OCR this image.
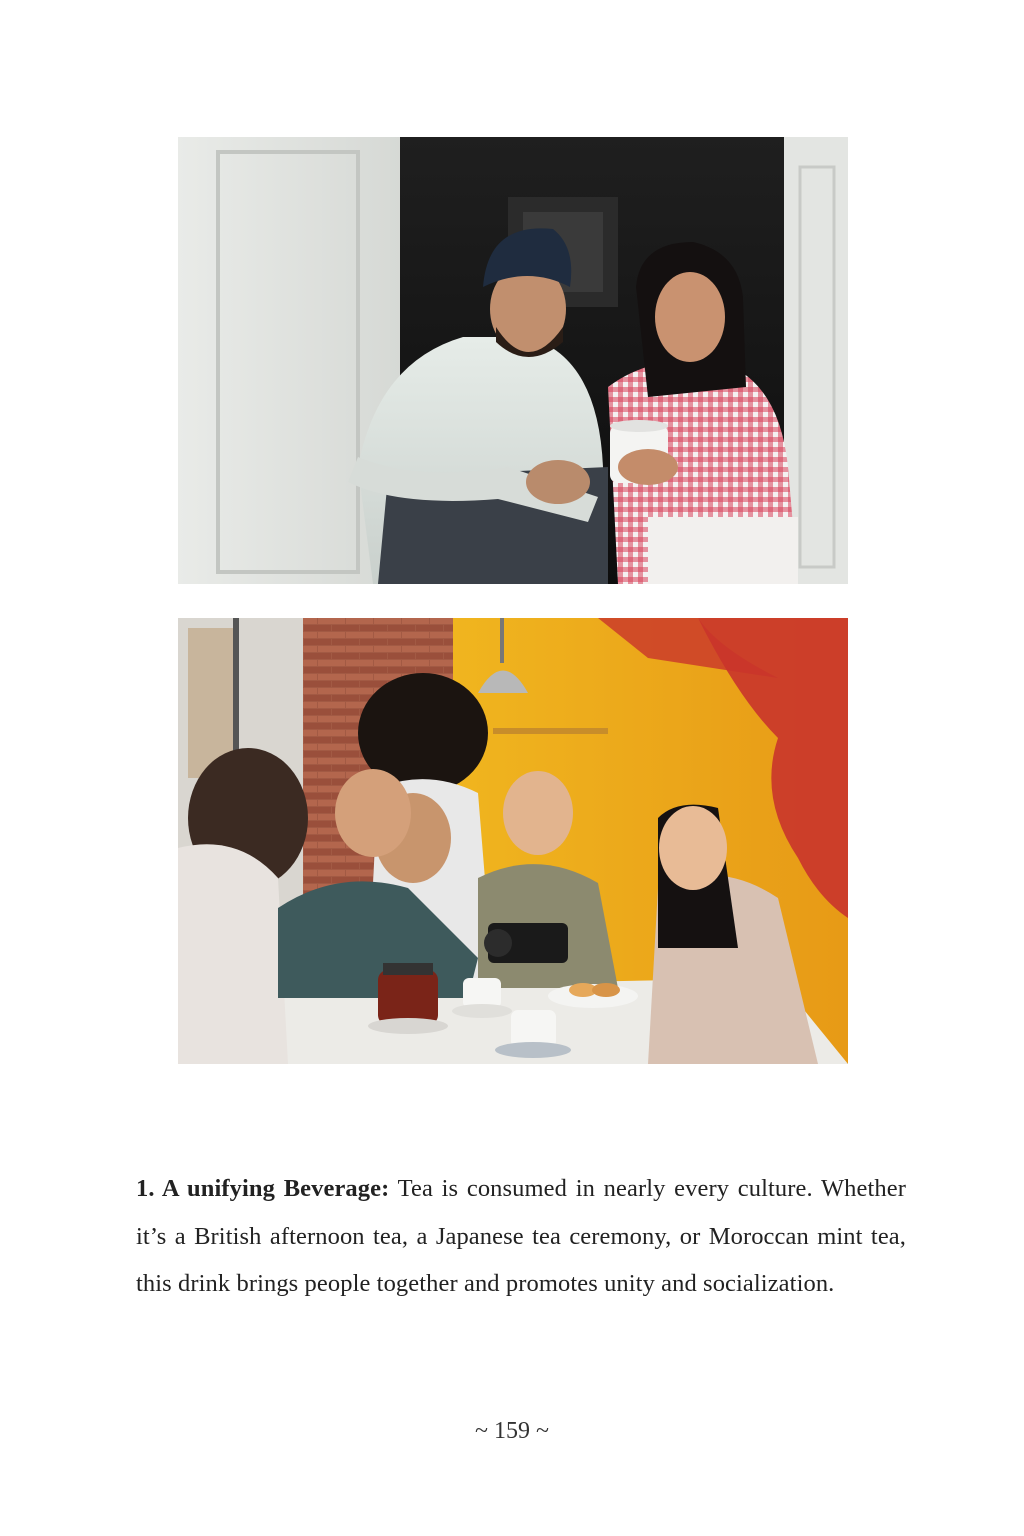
1. A unifying Beverage: Tea is consumed in nearly every culture. Whether it’s a British afternoon tea, a Japanese tea ceremony, or Moroccan mint tea, this drink brings people together and promotes unity and socialization.
~ 159 ~
